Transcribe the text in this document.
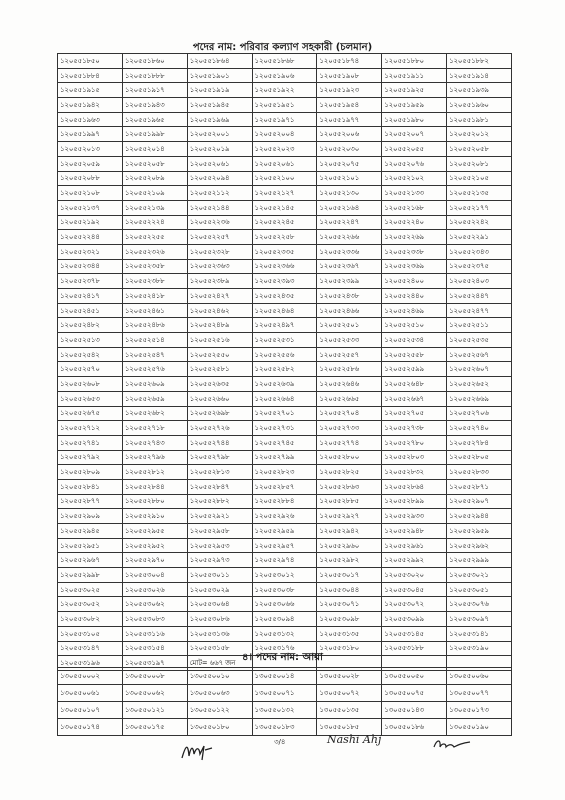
পদের নাম: পরিবার কল্যাণ সহকারী (চলমান)
১২০৫৫১৮৫০	১২০৫৫১৮৬০	১২০৫৫১৮৬৪	১২০৫৫১৮৬৮	১২০৫৫১৮৭৪	১২০৫৫১৮৮০	১২০৫৫১৮৮২
১২০৫৫১৮৮৪	১২০৫৫১৮৮৮	১২০৫৫১৯০১	১২০৫৫১৯০৬	১২০৫৫১৯০৮	১২০৫৫১৯১১	১২০৫৫১৯১৪
১২০৫৫১৯১৫	১২০৫৫১৯১৭	১২০৫৫১৯১৯	১২০৫৫১৯২২	১২০৫৫১৯২৩	১২০৫৫১৯২৫	১২০৫৫১৯৩৯
১২০৫৫১৯৪২	১২০৫৫১৯৪৩	১২০৫৫১৯৪৫	১২০৫৫১৯৫১	১২০৫৫১৯৫৪	১২০৫৫১৯৫৯	১২০৫৫১৯৬০
১২০৫৫১৯৬৩	১২০৫৫১৯৬৫	১২০৫৫১৯৬৯	১২০৫৫১৯৭১	১২০৫৫১৯৭৭	১২০৫৫১৯৮০	১২০৫৫১৯৮১
১২০৫৫১৯৯৭	১২০৫৫১৯৯৮	১২০৫৫২০০১	১২০৫৫২০০৪	১২০৫৫২০০৬	১২০৫৫২০০৭	১২০৫৫২০১২
১২০৫৫২০১৩	১২০৫৫২০১৪	১২০৫৫২০১৯	১২০৫৫২০২৩	১২০৫৫২০৩০	১২০৫৫২০৫৫	১২০৫৫২০৫৮
১২০৫৫২০৫৯	১২০৫৫২০৫৮	১২০৫৫২০৬১	১২০৫৫২০৬১	১২০৫৫২০৭৫	১২০৫৫২০৭৬	১২০৫৫২০৮১
১২০৫৫২০৮৮	১২০৫৫২০৮৯	১২০৫৫২০৯৪	১২০৫৫২১০০	১২০৫৫২১০১	১২০৫৫২১০২	১২০৫৫২১০৫
১২০৫৫২১০৮	১২০৫৫২১০৯	১২০৫৫২১১২	১২০৫৫২১২৭	১২০৫৫২১৩০	১২০৫৫২১৩৩	১২০৫৫২১৩৫
১২০৫৫২১৩৭	১২০৫৫২১৩৯	১২০৫৫২১৪৪	১২০৫৫২১৪৫	১২০৫৫২১৬৪	১২০৫৫২১৬৮	১২০৫৫২১৭৭
১২০৫৫২১৯২	১২০৫৫২২২৪	১২০৫৫২২৩৬	১২০৫৫২২৪৫	১২০৫৫২২৪৭	১২০৫৫২২৪০	১২০৫৫২২৪২
১২০৫৫২২৪৪	১২০৫৫২২৫৫	১২০৫৫২২৫৭	১২০৫৫২২৫৮	১২০৫৫২২৬৬	১২০৫৫২২৬৯	১২০৫৫২২৯১
১২০৫৫২৩২১	১২০৫৫২৩২৬	১২০৫৫২৩২৮	১২০৫৫২৩৩৫	১২০৫৫২৩৩৬	১২০৫৫২৩৩৮	১২০৫৫২৩৪৩
১২০৫৫২৩৪৪	১২০৫৫২৩৫৮	১২০৫৫২৩৬৩	১২০৫৫২৩৬৬	১২০৫৫২৩৬৭	১২০৫৫২৩৬৯	১২০৫৫২৩৭৫
১২০৫৫২৩৭৮	১২০৫৫২৩৮৮	১২০৫৫২৩৮৯	১২০৫৫২৩৯৩	১২০৫৫২৩৯৯	১২০৫৫২৪০০	১২০৫৫২৪০৩
১২০৫৫২৪১৭	১২০৫৫২৪১৮	১২০৫৫২৪২৭	১২০৫৫২৪৩৫	১২০৫৫২৪৩৮	১২০৫৫২৪৪০	১২০৫৫২৪৪৭
১২০৫৫২৪৫১	১২০৫৫২৪৬১	১২০৫৫২৪৬২	১২০৫৫২৪৬৪	১২০৫৫২৪৬৬	১২০৫৫২৪৬৯	১২০৫৫২৪৭৭
১২০৫৫২৪৮২	১২০৫৫২৪৮৬	১২০৫৫২৪৮৯	১২০৫৫২৪৯৭	১২০৫৫২৫০১	১২০৫৫২৫১০	১২০৫৫২৫১১
১২০৫৫২৫১৩	১২০৫৫২৫১৪	১২০৫৫২৫১৬	১২০৫৫২৫৩১	১২০৫৫২৫৩৩	১২০৫৫২৫৩৪	১২০৫৫২৫৩৫
১২০৫৫২৫৪২	১২০৫৫২৫৪৭	১২০৫৫২৫৫০	১২০৫৫২৫৫৬	১২০৫৫২৫৫৭	১২০৫৫২৫৫৮	১২০৫৫২৫৬৭
১২০৫৫২৫৭০	১২০৫৫২৫৭৬	১২০৫৫২৫৮১	১২০৫৫২৫৮২	১২০৫৫২৫৮৬	১২০৫৫২৫৯৯	১২০৫৫২৬০৭
১২০৫৫২৬০৮	১২০৫৫২৬০৯	১২০৫৫২৬৩৫	১২০৫৫২৬৩৯	১২০৫৫২৬৪৬	১২০৫৫২৬৪৮	১২০৫৫২৬৫২
১২০৫৫২৬৫৩	১২০৫৫২৬৫৯	১২০৫৫২৬৬০	১২০৫৫২৬৬৪	১২০৫৫২৬৬৫	১২০৫৫২৬৬৭	১২০৫৫২৬৬৯
১২০৫৫২৬৭৫	১২০৫৫২৬৮২	১২০৫৫২৬৯৮	১২০৫৫২৭০১	১২০৫৫২৭০৪	১২০৫৫২৭০৫	১২০৫৫২৭০৬
১২০৫৫২৭১২	১২০৫৫২৭১৮	১২০৫৫২৭২৬	১২০৫৫২৭৩১	১২০৫৫২৭৩৩	১২০৫৫২৭৩৮	১২০৫৫২৭৪০
১২০৫৫২৭৪১	১২০৫৫২৭৪৩	১২০৫৫২৭৪৪	১২০৫৫২৭৪৫	১২০৫৫২৭৭৪	১২০৫৫২৭৮০	১২০৫৫২৭৮৪
১২০৫৫২৭৯২	১২০৫৫২৭৯৬	১২০৫৫২৭৯৮	১২০৫৫২৭৯৯	১২০৫৫২৮০০	১২০৫৫২৮০৩	১২০৫৫২৮০৫
১২০৫৫২৮০৯	১২০৫৫২৮১২	১২০৫৫২৮১৩	১২০৫৫২৮২৩	১২০৫৫২৮২৫	১২০৫৫২৮৩২	১২০৫৫২৮৩৩
১২০৫৫২৮৪১	১২০৫৫২৮৪৪	১২০৫৫২৮৪৭	১২০৫৫২৮৫৭	১২০৫৫২৮৬৩	১২০৫৫২৮৬৪	১২০৫৫২৮৭১
১২০৫৫২৮৭৭	১২০৫৫২৮৮০	১২০৫৫২৮৮২	১২০৫৫২৮৮৪	১২০৫৫২৮৮৫	১২০৫৫২৮৯৯	১২০৫৫২৯০৭
১২০৫৫২৯০৯	১২০৫৫২৯১০	১২০৫৫২৯২১	১২০৫৫২৯২৬	১২০৫৫২৯২৭	১২০৫৫২৯৩৩	১২০৫৫২৯৪৪
১২০৫৫২৯৪৫	১২০৫৫২৯৫৫	১২০৫৫২৯৫৮	১২০৫৫২৯৫৯	১২০৫৫২৯৪২	১২০৫৫২৯৪৮	১২০৫৫২৯৫৯
১২০৫৫২৯৫১	১২০৫৫২৯৫২	১২০৫৫২৯৫৩	১২০৫৫২৯৫৭	১২০৫৫২৯৬০	১২০৫৫২৯৬১	১২০৫৫২৯৬২
১২০৫৫২৯৬৭	১২০৫৫২৯৭০	১২০৫৫২৯৭৩	১২০৫৫২৯৭৪	১২০৫৫২৯৮২	১২০৫৫২৯৯২	১২০৫৫২৯৯৯
১২০৫৫২৯৯৮	১২০৫৫৩০০৪	১২০৫৫৩০১১	১২০৫৫৩০১২	১২০৫৫৩০১৭	১২০৫৫৩০২০	১২০৫৫৩০২১
১২০৫৫৩০২৫	১২০৫৫৩০২৬	১২০৫৫৩০২৯	১২০৫৫৩০৩৮	১২০৫৫৩০৪৪	১২০৫৫৩০৪৫	১২০৫৫৩০৫১
১২০৫৫৩০৫২	১২০৫৫৩০৬২	১২০৫৫৩০৬৪	১২০৫৫৩০৬৬	১২০৫৫৩০৭১	১২০৫৫৩০৭২	১২০৫৫৩০৭৬
১২০৫৫৩০৮২	১২০৫৫৩০৮৩	১২০৫৫৩০৮৬	১২০৫৫৩০৯৪	১২০৫৫৩০৯৮	১২০৫৫৩০৯৯	১২০৫৫৩০৯৭
১২০৫৫৩১০৫	১২০৫৫৩১১৬	১২০৫৫৩১৩৬	১২০৫৫৩১৩২	১২০৫৫৩১৩৫	১২০৫৫৩১৪৫	১২০৫৫৩১৪১
১২০৫৫৩১৪৭	১২০৫৫৩১৫৪	১২০৫৫৩১৫৮	১২০৫৫৩১৭৬	১২০৫৫৩১৮০	১২০৫৫৩১৮৮	১২০৫৫৩১৯০
১২০৫৫৩১৯৬	১২০৫৫৩১৯৭	মোট= ৬৬৭ জন				
৪। পদের নাম: আয়া
১৩০৫৫০০০২	১৩০৫৫০০০৮	১৩০৫৫০০১০	১৩০৫৫০০১৪	১৩০৫৫০০২৮	১৩০৫৫০০৫০	১৩০৫৫০০৬০
১৩০৫৫০০৬১	১৩০৫৫০০৬২	১৩০৫৫০০৬৩	১৩০৫৫০০৭১	১৩০৫৫০০৭২	১৩০৫৫০০৭৫	১৩০৫৫০০৭৭
১৩০৫৫০১০৭	১৩০৫৫০১২১	১৩০৫৫০১২২	১৩০৫৫০১৩২	১৩০৫৫০১৩৫	১৩০৫৫০১৪৩	১৩০৫৫০১৭৩
১৩০৫৫০১৭৪	১৩০৫৫০১৭৫	১৩০৫৫০১৮০	১৩০৫৫০১৮৩	১৩০৫৫০১৮৫	১৩০৫৫০১৮৬	১৩০৫৫০১৯০
৩/৪	Nashi Ahj
